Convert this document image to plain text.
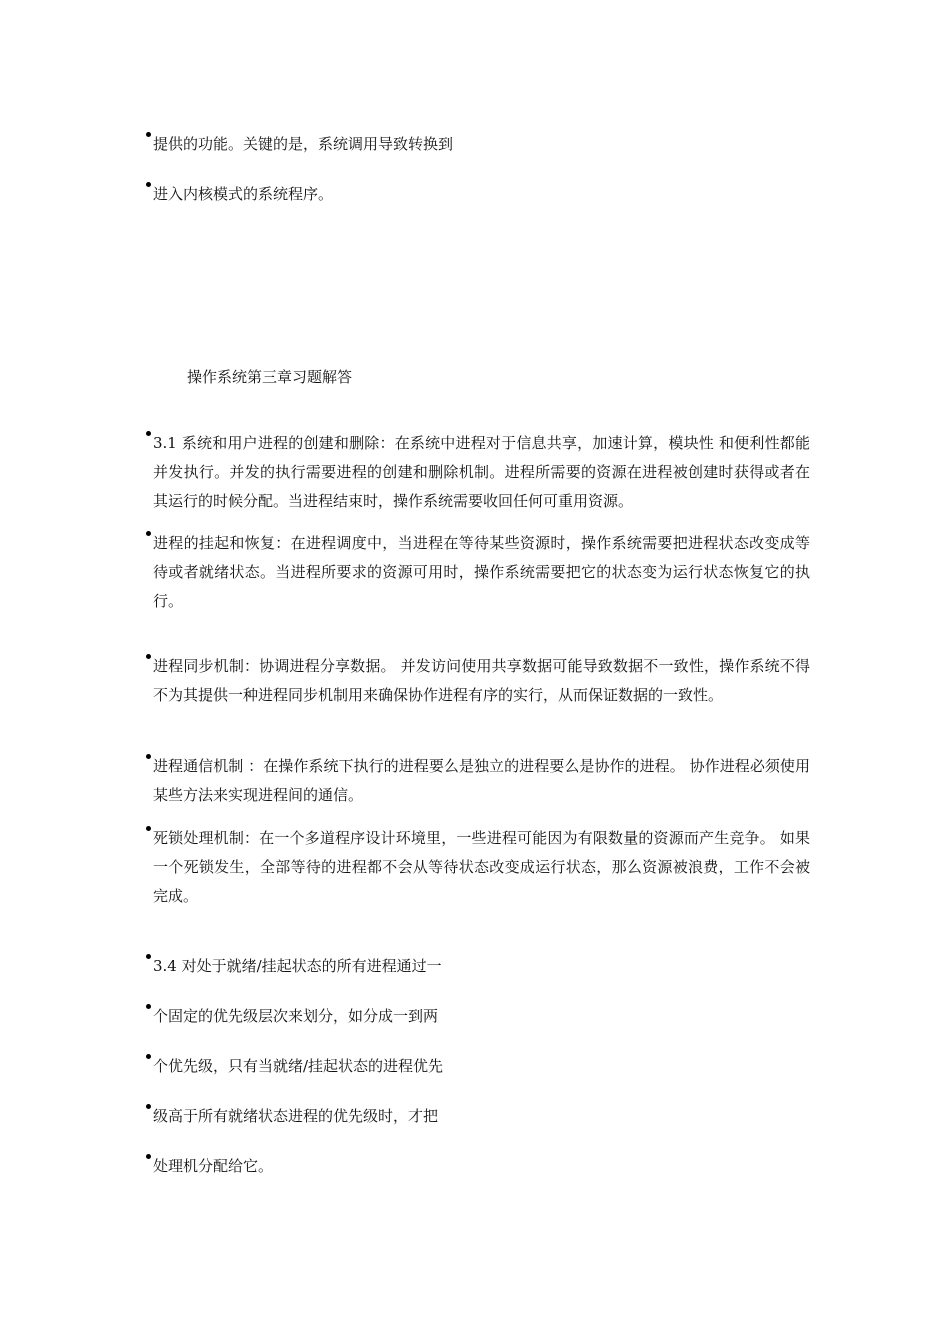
提供的功能。关键的是，系统调用导致转换到

进入内核模式的系统程序。

操作系统第三章习题解答

3.1 系统和用户进程的创建和删除：在系统中进程对于信息共享，加速计算，模块性 和便利性都能并发执行。并发的执行需要进程的创建和删除机制。进程所需要的资源在进程被创建时获得或者在其运行的时候分配。当进程结束时，操作系统需要收回任何可重用资源。

进程的挂起和恢复：在进程调度中，当进程在等待某些资源时，操作系统需要把进程状态改变成等待或者就绪状态。当进程所要求的资源可用时，操作系统需要把它的状态变为运行状态恢复它的执行。

进程同步机制：协调进程分享数据。 并发访问使用共享数据可能导致数据不一致性，操作系统不得不为其提供一种进程同步机制用来确保协作进程有序的实行，从而保证数据的一致性。

进程通信机制 ：在操作系统下执行的进程要么是独立的进程要么是协作的进程。 协作进程必须使用某些方法来实现进程间的通信。

死锁处理机制：在一个多道程序设计环境里，一些进程可能因为有限数量的资源而产生竞争。 如果一个死锁发生，全部等待的进程都不会从等待状态改变成运行状态，那么资源被浪费，工作不会被完成。

3.4 对处于就绪/挂起状态的所有进程通过一

个固定的优先级层次来划分，如分成一到两

个优先级，只有当就绪/挂起状态的进程优先

级高于所有就绪状态进程的优先级时，才把

处理机分配给它。
